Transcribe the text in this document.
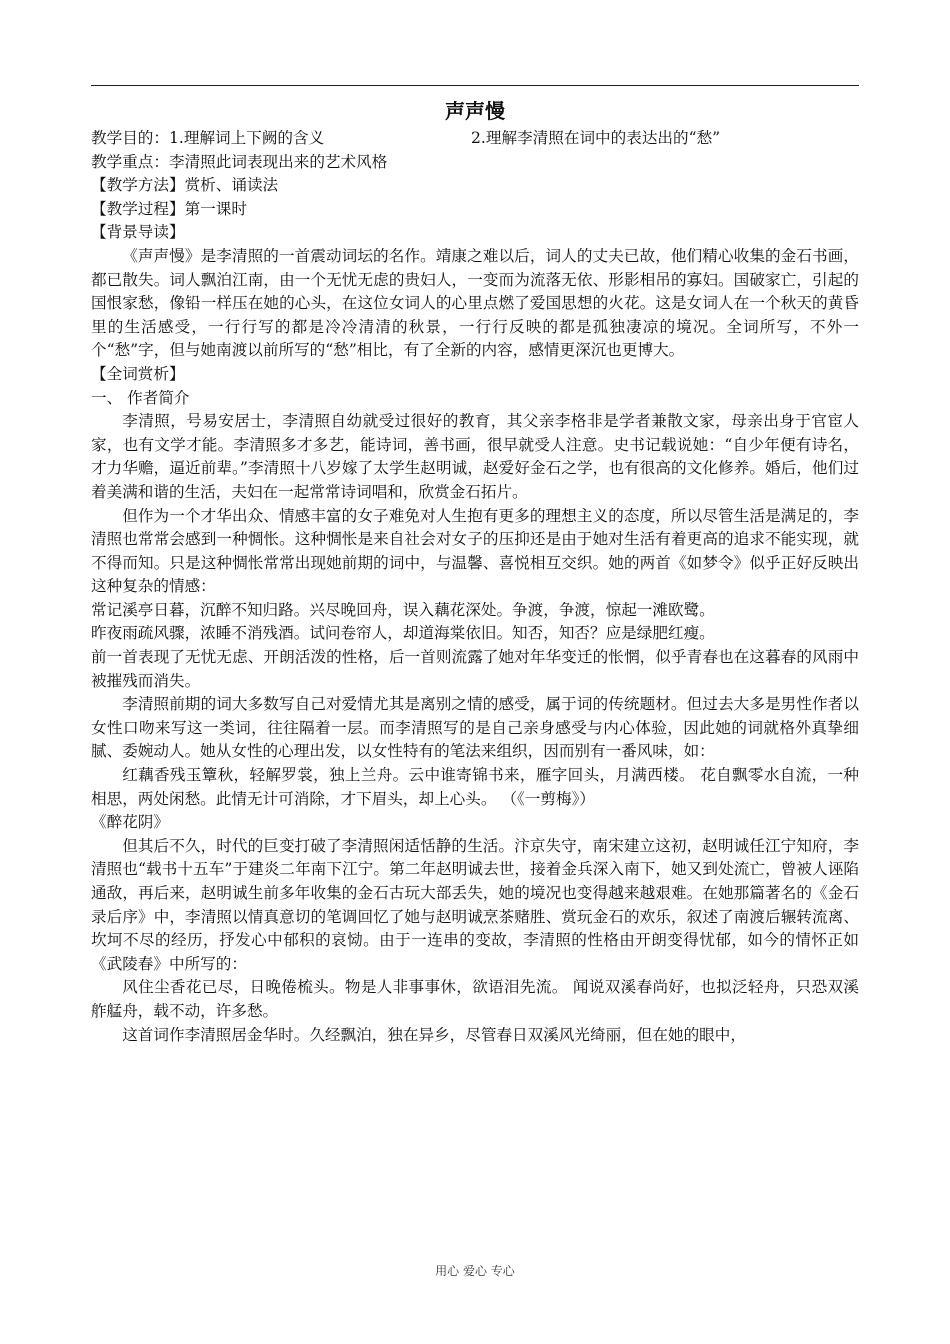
声声慢
教学目的：1.理解词上下阙的含义	2.理解李清照在词中的表达出的“愁”
教学重点：李清照此词表现出来的艺术风格
【教学方法】赏析、诵读法
【教学过程】第一课时
【背景导读】

《声声慢》是李清照的一首震动词坛的名作。靖康之难以后，词人的丈夫已故，他们精心收集的金石书画，都已散失。词人飘泊江南，由一个无忧无虑的贵妇人，一变而为流落无依、形影相吊的寡妇。国破家亡，引起的国恨家愁，像铅一样压在她的心头，在这位女词人的心里点燃了爱国思想的火花。这是女词人在一个秋天的黄昏里的生活感受，一行行写的都是冷冷清清的秋景，一行行反映的都是孤独凄凉的境况。全词所写，不外一个“愁”字，但与她南渡以前所写的“愁”相比，有了全新的内容，感情更深沉也更博大。

【全词赏析】
一、 作者简介

李清照，号易安居士，李清照自幼就受过很好的教育，其父亲李格非是学者兼散文家，母亲出身于官宦人家，也有文学才能。李清照多才多艺，能诗词，善书画，很早就受人注意。史书记载说她：“自少年便有诗名，才力华赡，逼近前辈。”李清照十八岁嫁了太学生赵明诚，赵爱好金石之学，也有很高的文化修养。婚后，他们过着美满和谐的生活，夫妇在一起常常诗词唱和，欣赏金石拓片。

但作为一个才华出众、情感丰富的女子难免对人生抱有更多的理想主义的态度，所以尽管生活是满足的，李清照也常常会感到一种惆怅。这种惆怅是来自社会对女子的压抑还是由于她对生活有着更高的追求不能实现，就不得而知。只是这种惆怅常常出现她前期的词中，与温馨、喜悦相互交织。她的两首《如梦令》似乎正好反映出这种复杂的情感：

常记溪亭日暮，沉醉不知归路。兴尽晚回舟，误入藕花深处。争渡，争渡，惊起一滩欧鹭。

昨夜雨疏风骤，浓睡不消残酒。试问卷帘人，却道海棠依旧。知否，知否？应是绿肥红瘦。

前一首表现了无忧无虑、开朗活泼的性格，后一首则流露了她对年华变迁的怅惘，似乎青春也在这暮春的风雨中被摧残而消失。

李清照前期的词大多数写自己对爱情尤其是离别之情的感受，属于词的传统题材。但过去大多是男性作者以女性口吻来写这一类词，往往隔着一层。而李清照写的是自己亲身感受与内心体验，因此她的词就格外真挚细腻、委婉动人。她从女性的心理出发，以女性特有的笔法来组织，因而别有一番风味，如：

红藕香残玉簟秋，轻解罗裳，独上兰舟。云中谁寄锦书来，雁字回头，月满西楼。 花自飘零水自流，一种相思，两处闲愁。此情无计可消除，才下眉头，却上心头。 （《一剪梅》）

《醉花阴》

但其后不久，时代的巨变打破了李清照闲适恬静的生活。汴京失守，南宋建立这初，赵明诚任江宁知府，李清照也“载书十五车”于建炎二年南下江宁。第二年赵明诚去世，接着金兵深入南下，她又到处流亡，曾被人诬陷通敌，再后来，赵明诚生前多年收集的金石古玩大部丢失，她的境况也变得越来越艰难。在她那篇著名的《金石录后序》中，李清照以情真意切的笔调回忆了她与赵明诚烹茶赌胜、赏玩金石的欢乐，叙述了南渡后辗转流离、坎坷不尽的经历，抒发心中郁积的哀恸。由于一连串的变故，李清照的性格由开朗变得忧郁，如今的情怀正如《武陵春》中所写的：

风住尘香花已尽，日晚倦梳头。物是人非事事休，欲语泪先流。 闻说双溪春尚好，也拟泛轻舟，只恐双溪舴艋舟，载不动，许多愁。

这首词作李清照居金华时。久经飘泊，独在异乡，尽管春日双溪风光绮丽，但在她的眼中，

用心 爱心 专心
